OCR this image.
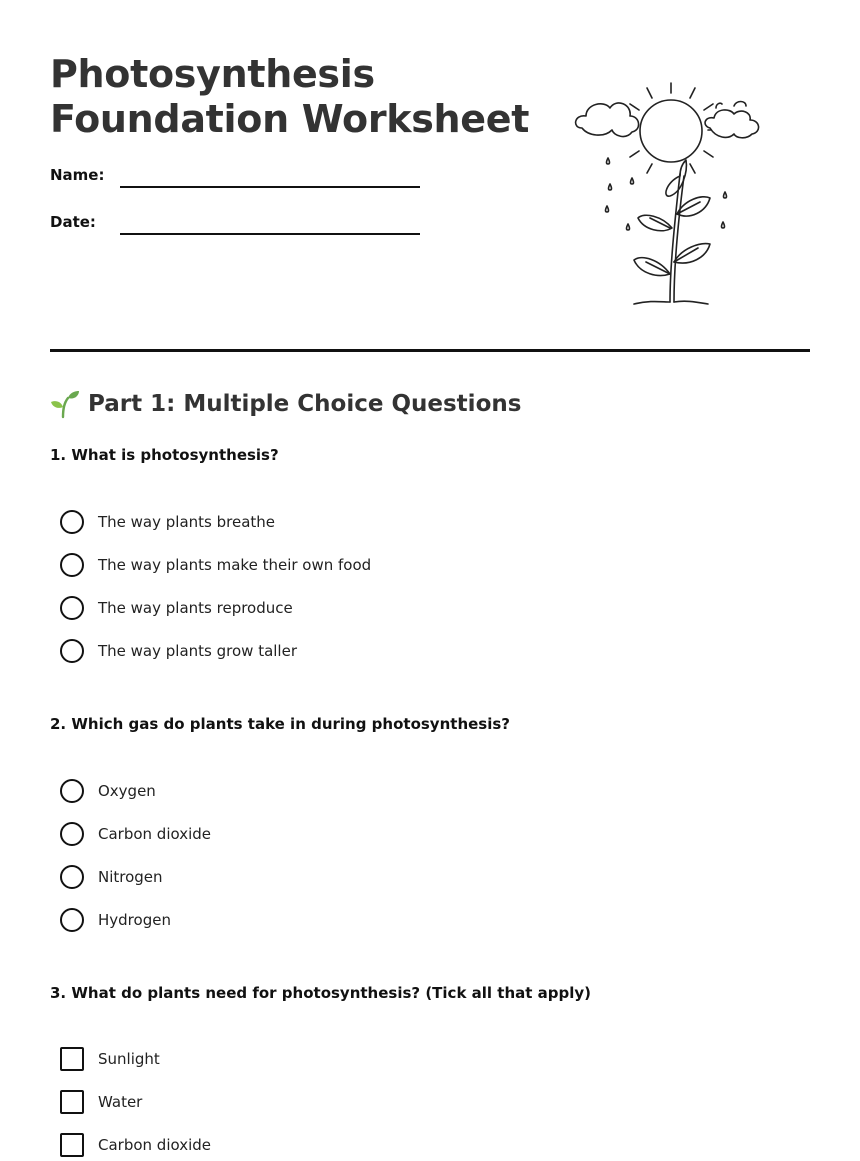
Photosynthesis
Foundation Worksheet
Name:
Date:
Part 1: Multiple Choice Questions

1. What is photosynthesis?

The way plants breathe
The way plants make their own food
The way plants reproduce
The way plants grow taller

2. Which gas do plants take in during photosynthesis?

Oxygen
Carbon dioxide
Nitrogen
Hydrogen

3. What do plants need for photosynthesis? (Tick all that apply)

Sunlight
Water
Carbon dioxide
